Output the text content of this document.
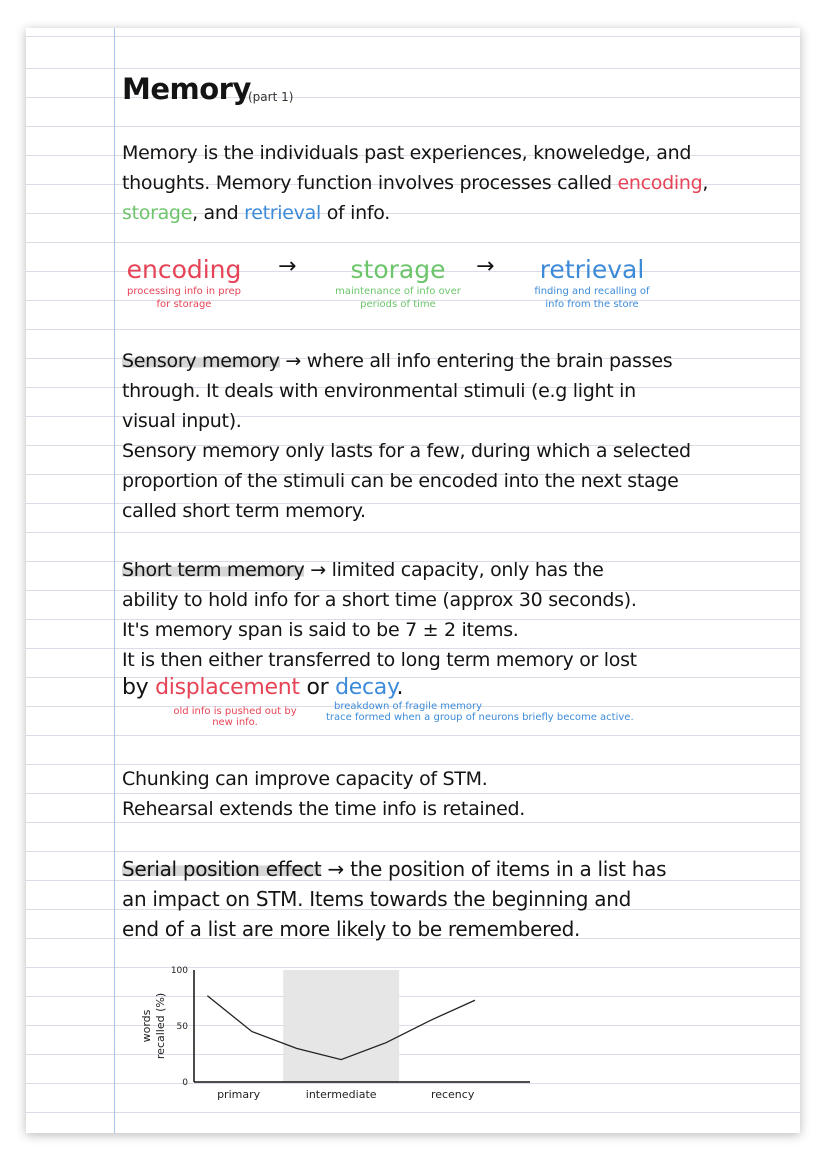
Memory

(part 1)

Memory is the individuals past experiences, knoweledge, and

thoughts. Memory function involves processes called encoding,

storage, and retrieval of info.

encoding
processing info in prep
for storage
→	storage
maintenance of info over
periods of time
→	retrieval
finding and recalling of
info from the store

Sensory memory → where all info entering the brain passes

through. It deals with environmental stimuli (e.g light in

visual input).

Sensory memory only lasts for a few, during which a selected

proportion of the stimuli can be encoded into the next stage

called short term memory.

Short term memory → limited capacity, only has the

ability to hold info for a short time (approx 30 seconds).

It's memory span is said to be 7 ± 2 items.

It is then either transferred to long term memory or lost

by displacement or decay.

old info is pushed out by
new info.
breakdown of fragile memory
trace formed when a group of neurons briefly become active.

Chunking can improve capacity of STM.

Rehearsal extends the time info is retained.

Serial position effect → the position of items in a list has

an impact on STM. Items towards the beginning and

end of a list are more likely to be remembered.

0
50
100
words recalled (%)
primary	intermediate	recency
